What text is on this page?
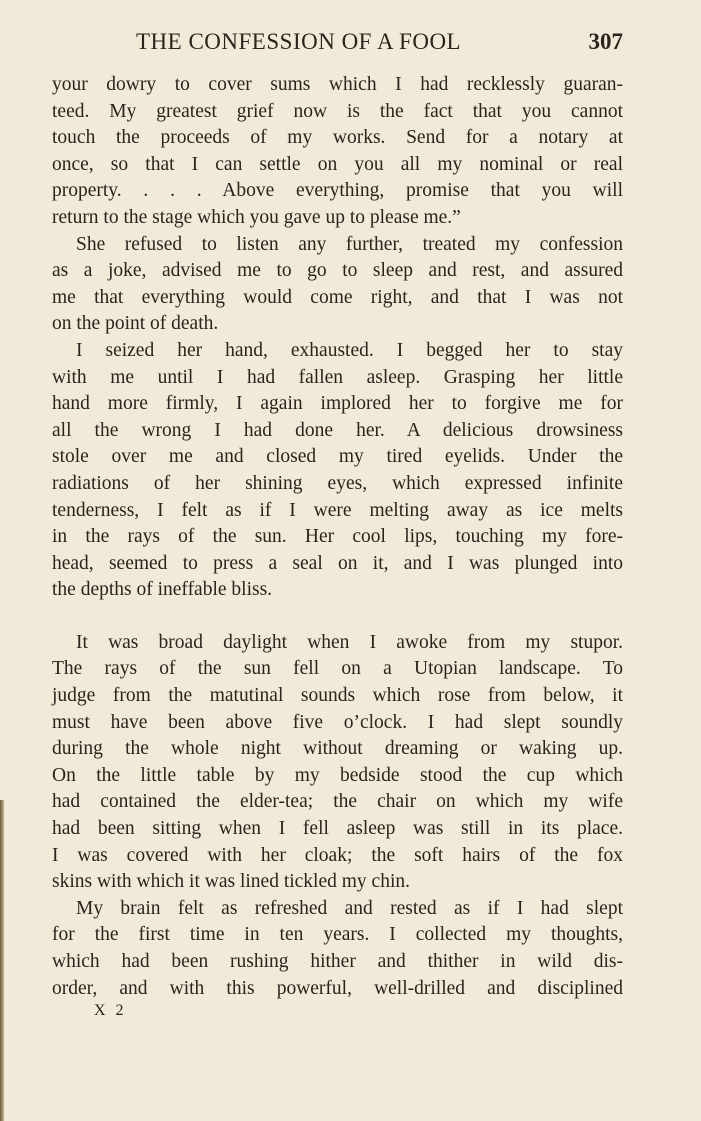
THE CONFESSION OF A FOOL	307
your dowry to cover sums which I had recklessly guaran-
teed. My greatest grief now is the fact that you cannot
touch the proceeds of my works. Send for a notary at
once, so that I can settle on you all my nominal or real
property. . . . Above everything, promise that you will
return to the stage which you gave up to please me.”
She refused to listen any further, treated my confession
as a joke, advised me to go to sleep and rest, and assured
me that everything would come right, and that I was not
on the point of death.
I seized her hand, exhausted. I begged her to stay
with me until I had fallen asleep. Grasping her little
hand more firmly, I again implored her to forgive me for
all the wrong I had done her. A delicious drowsiness
stole over me and closed my tired eyelids. Under the
radiations of her shining eyes, which expressed infinite
tenderness, I felt as if I were melting away as ice melts
in the rays of the sun. Her cool lips, touching my fore-
head, seemed to press a seal on it, and I was plunged into
the depths of ineffable bliss.
It was broad daylight when I awoke from my stupor.
The rays of the sun fell on a Utopian landscape. To
judge from the matutinal sounds which rose from below, it
must have been above five o’clock. I had slept soundly
during the whole night without dreaming or waking up.
On the little table by my bedside stood the cup which
had contained the elder-tea; the chair on which my wife
had been sitting when I fell asleep was still in its place.
I was covered with her cloak; the soft hairs of the fox
skins with which it was lined tickled my chin.
My brain felt as refreshed and rested as if I had slept
for the first time in ten years. I collected my thoughts,
which had been rushing hither and thither in wild dis-
order, and with this powerful, well-drilled and disciplined
X 2
